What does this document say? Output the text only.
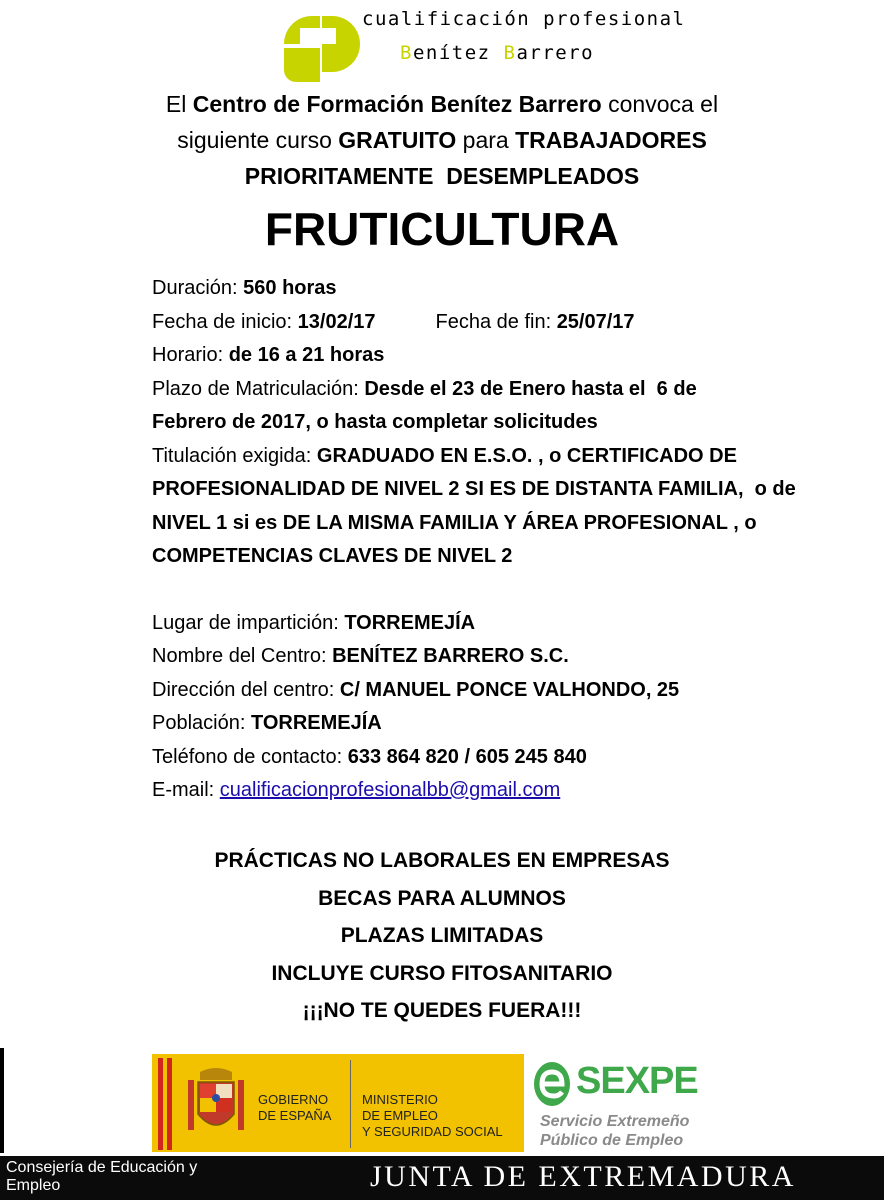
cualificación profesional
Benítez Barrero
El Centro de Formación Benítez Barrero convoca el
siguiente curso GRATUITO para TRABAJADORES
PRIORITAMENTE  DESEMPLEADOS
FRUTICULTURA
Duración: 560 horas
Fecha de inicio: 13/02/17	Fecha de fin: 25/07/17
Horario: de 16 a 21 horas
Plazo de Matriculación: Desde el 23 de Enero hasta el  6 de
Febrero de 2017, o hasta completar solicitudes
Titulación exigida: GRADUADO EN E.S.O. , o CERTIFICADO DE
PROFESIONALIDAD DE NIVEL 2 SI ES DE DISTANTA FAMILIA,  o de
NIVEL 1 si es DE LA MISMA FAMILIA Y ÁREA PROFESIONAL , o
COMPETENCIAS CLAVES DE NIVEL 2
Lugar de impartición: TORREMEJÍA
Nombre del Centro: BENÍTEZ BARRERO S.C.
Dirección del centro: C/ MANUEL PONCE VALHONDO, 25
Población: TORREMEJÍA
Teléfono de contacto: 633 864 820 / 605 245 840
E-mail: cualificacionprofesionalbb@gmail.com
PRÁCTICAS NO LABORALES EN EMPRESAS
BECAS PARA ALUMNOS
PLAZAS LIMITADAS
INCLUYE CURSO FITOSANITARIO
¡¡¡NO TE QUEDES FUERA!!!
GOBIERNO
DE ESPAÑA
MINISTERIO
DE EMPLEO
Y SEGURIDAD SOCIAL
SEXPE
Servicio Extremeño
Público de Empleo
Consejería de Educación y
Empleo	JUNTA DE EXTREMADURA
